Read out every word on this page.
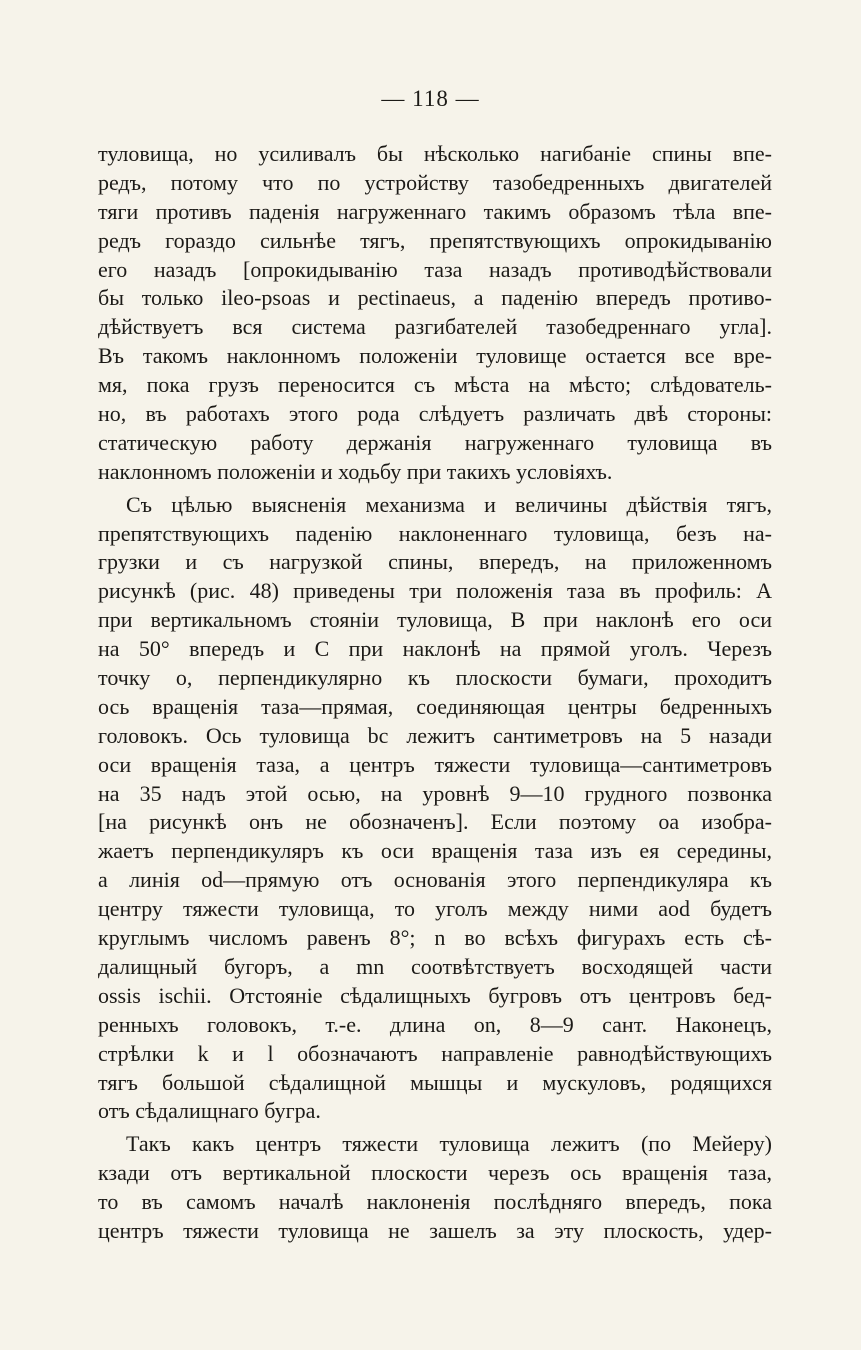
— 118 —
туловища, но усиливалъ бы нѣсколько нагибанiе спины впе-
редъ, потому что по устройству тазобедренныхъ двигателей
тяги противъ паденiя нагруженнаго такимъ образомъ тѣла впе-
редъ гораздо сильнѣе тягъ, препятствующихъ опрокидыванiю
его назадъ [опрокидыванiю таза назадъ противодѣйствовали
бы только ileo-psoas и pectinaeus, а паденiю впередъ противо-
дѣйствуетъ вся система разгибателей тазобедреннаго угла].
Въ такомъ наклонномъ положенiи туловище остается все вре-
мя, пока грузъ переносится съ мѣста на мѣсто; слѣдователь-
но, въ работахъ этого рода слѣдуетъ различать двѣ стороны:
статическую работу держанiя нагруженнаго туловища въ
наклонномъ положенiи и ходьбу при такихъ условiяхъ.
Съ цѣлью выясненiя механизма и величины дѣйствiя тягъ,
препятствующихъ паденiю наклоненнаго туловища, безъ на-
грузки и съ нагрузкой спины, впередъ, на приложенномъ
рисункѣ (рис. 48) приведены три положенiя таза въ профиль: A
при вертикальномъ стоянiи туловища, B при наклонѣ его оси
на 50° впередъ и C при наклонѣ на прямой уголъ. Черезъ
точку o, перпендикулярно къ плоскости бумаги, проходитъ
ось вращенiя таза—прямая, соединяющая центры бедренныхъ
головокъ. Ось туловища bc лежитъ сантиметровъ на 5 назади
оси вращенiя таза, а центръ тяжести туловища—сантиметровъ
на 35 надъ этой осью, на уровнѣ 9—10 грудного позвонка
[на рисункѣ онъ не обозначенъ]. Если поэтому oa изобра-
жаетъ перпендикуляръ къ оси вращенiя таза изъ ея середины,
а линiя od—прямую отъ основанiя этого перпендикуляра къ
центру тяжести туловища, то уголъ между ними aod будетъ
круглымъ числомъ равенъ 8°; n во всѣхъ фигурахъ есть сѣ-
далищный бугоръ, а mn соотвѣтствуетъ восходящей части
ossis ischii. Отстоянiе сѣдалищныхъ бугровъ отъ центровъ бед-
ренныхъ головокъ, т.-е. длина on, 8—9 сант. Наконецъ,
стрѣлки k и l обозначаютъ направленiе равнодѣйствующихъ
тягъ большой сѣдалищной мышцы и мускуловъ, родящихся
отъ сѣдалищнаго бугра.
Такъ какъ центръ тяжести туловища лежитъ (по Мейеру)
кзади отъ вертикальной плоскости черезъ ось вращенiя таза,
то въ самомъ началѣ наклоненiя послѣдняго впередъ, пока
центръ тяжести туловища не зашелъ за эту плоскость, удер-
